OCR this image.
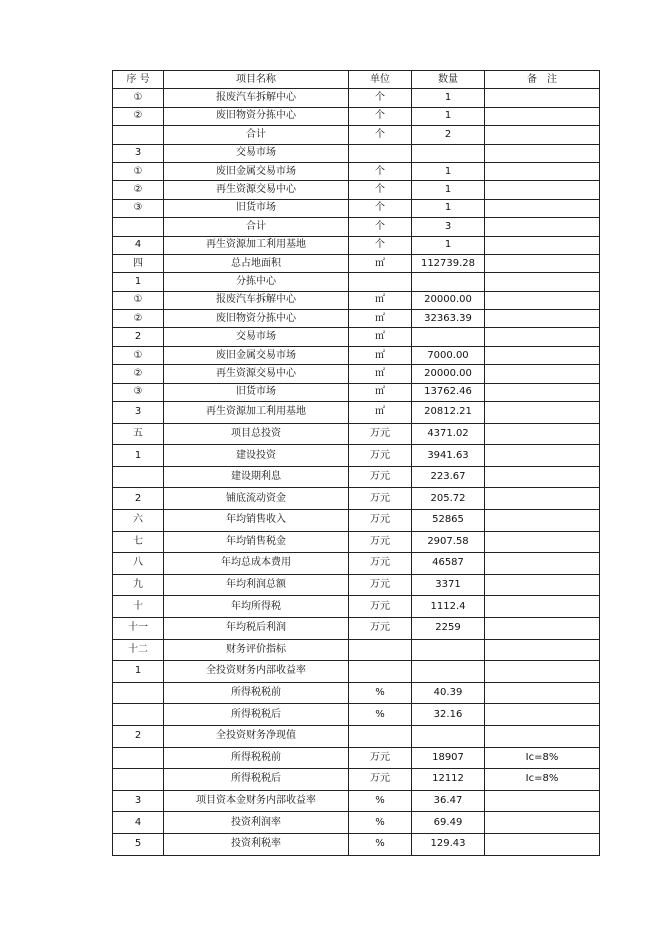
序 号	项目名称	单位	数量	备　注
①	报废汽车拆解中心	个	1	
②	废旧物资分拣中心	个	1	
	合计	个	2	
3	交易市场			
①	废旧金属交易市场	个	1	
②	再生资源交易中心	个	1	
③	旧货市场	个	1	
	合计	个	3	
4	再生资源加工利用基地	个	1	
四	总占地面积	㎡	112739.28	
1	分拣中心			
①	报废汽车拆解中心	㎡	20000.00	
②	废旧物资分拣中心	㎡	32363.39	
2	交易市场	㎡		
①	废旧金属交易市场	㎡	7000.00	
②	再生资源交易中心	㎡	20000.00	
③	旧货市场	㎡	13762.46	
3	再生资源加工利用基地	㎡	20812.21	
五	项目总投资	万元	4371.02	
1	建设投资	万元	3941.63	
	建设期利息	万元	223.67	
2	铺底流动资金	万元	205.72	
六	年均销售收入	万元	52865	
七	年均销售税金	万元	2907.58	
八	年均总成本费用	万元	46587	
九	年均利润总额	万元	3371	
十	年均所得税	万元	1112.4	
十一	年均税后利润	万元	2259	
十二	财务评价指标			
1	全投资财务内部收益率			
	所得税税前	%	40.39	
	所得税税后	%	32.16	
2	全投资财务净现值			
	所得税税前	万元	18907	Ic=8%
	所得税税后	万元	12112	Ic=8%
3	项目资本金财务内部收益率	%	36.47	
4	投资利润率	%	69.49	
5	投资利税率	%	129.43	
